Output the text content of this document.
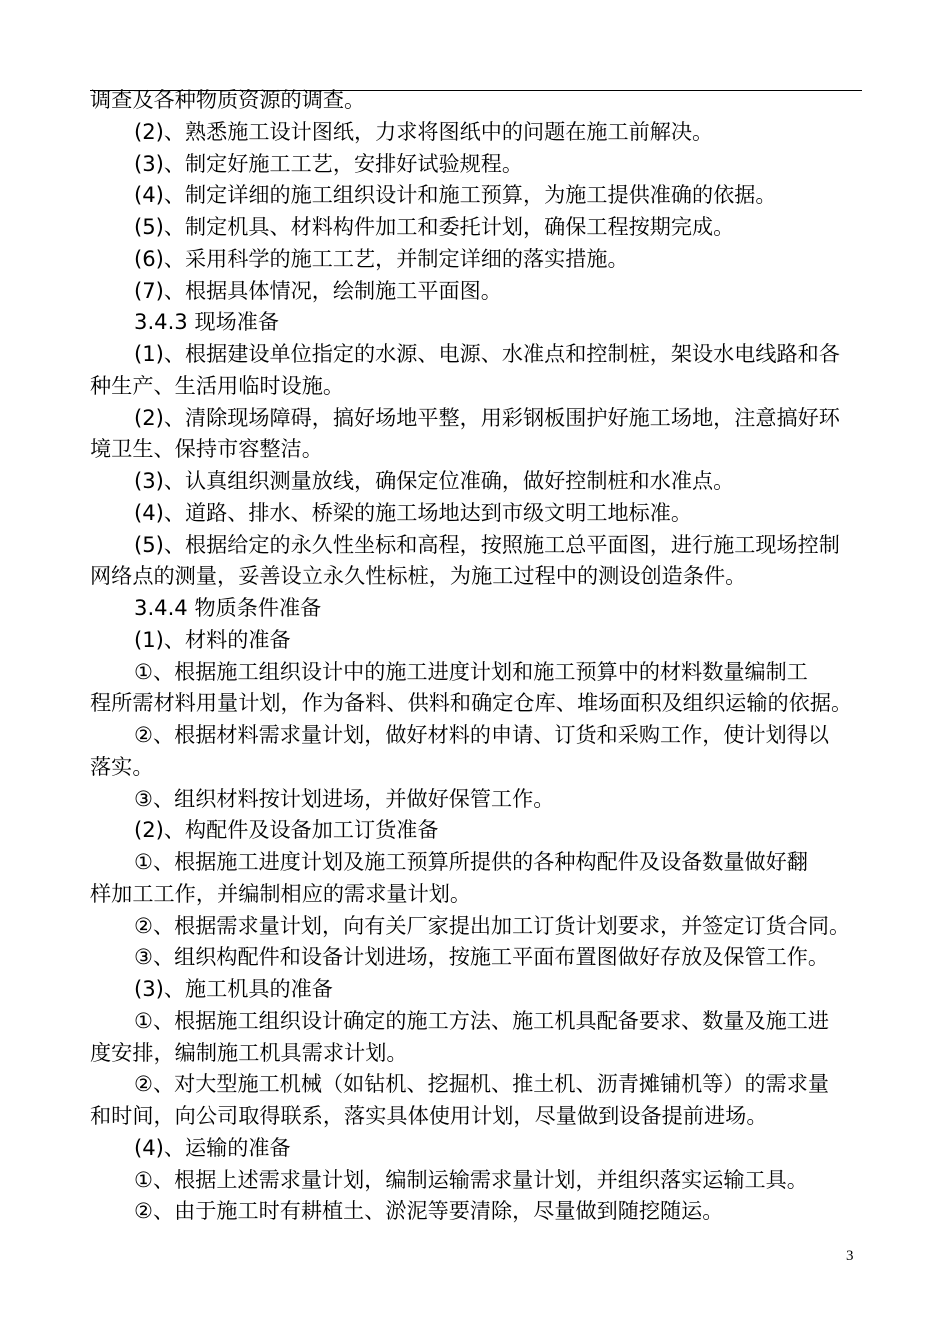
调查及各种物质资源的调查。
(2)、熟悉施工设计图纸，力求将图纸中的问题在施工前解决。
(3)、制定好施工工艺，安排好试验规程。
(4)、制定详细的施工组织设计和施工预算，为施工提供准确的依据。
(5)、制定机具、材料构件加工和委托计划，确保工程按期完成。
(6)、采用科学的施工工艺，并制定详细的落实措施。
(7)、根据具体情况，绘制施工平面图。
3.4.3 现场准备
(1)、根据建设单位指定的水源、电源、水准点和控制桩，架设水电线路和各
种生产、生活用临时设施。
(2)、清除现场障碍，搞好场地平整，用彩钢板围护好施工场地，注意搞好环
境卫生、保持市容整洁。
(3)、认真组织测量放线，确保定位准确，做好控制桩和水准点。
(4)、道路、排水、桥梁的施工场地达到市级文明工地标准。
(5)、根据给定的永久性坐标和高程，按照施工总平面图，进行施工现场控制
网络点的测量，妥善设立永久性标桩，为施工过程中的测设创造条件。
3.4.4 物质条件准备
(1)、材料的准备
①、根据施工组织设计中的施工进度计划和施工预算中的材料数量编制工
程所需材料用量计划，作为备料、供料和确定仓库、堆场面积及组织运输的依据。
②、根据材料需求量计划，做好材料的申请、订货和采购工作，使计划得以
落实。
③、组织材料按计划进场，并做好保管工作。
(2)、构配件及设备加工订货准备
①、根据施工进度计划及施工预算所提供的各种构配件及设备数量做好翻
样加工工作，并编制相应的需求量计划。
②、根据需求量计划，向有关厂家提出加工订货计划要求，并签定订货合同。
③、组织构配件和设备计划进场，按施工平面布置图做好存放及保管工作。
(3)、施工机具的准备
①、根据施工组织设计确定的施工方法、施工机具配备要求、数量及施工进
度安排，编制施工机具需求计划。
②、对大型施工机械（如钻机、挖掘机、推土机、沥青摊铺机等）的需求量
和时间，向公司取得联系，落实具体使用计划，尽量做到设备提前进场。
(4)、运输的准备
①、根据上述需求量计划，编制运输需求量计划，并组织落实运输工具。
②、由于施工时有耕植土、淤泥等要清除，尽量做到随挖随运。
3
